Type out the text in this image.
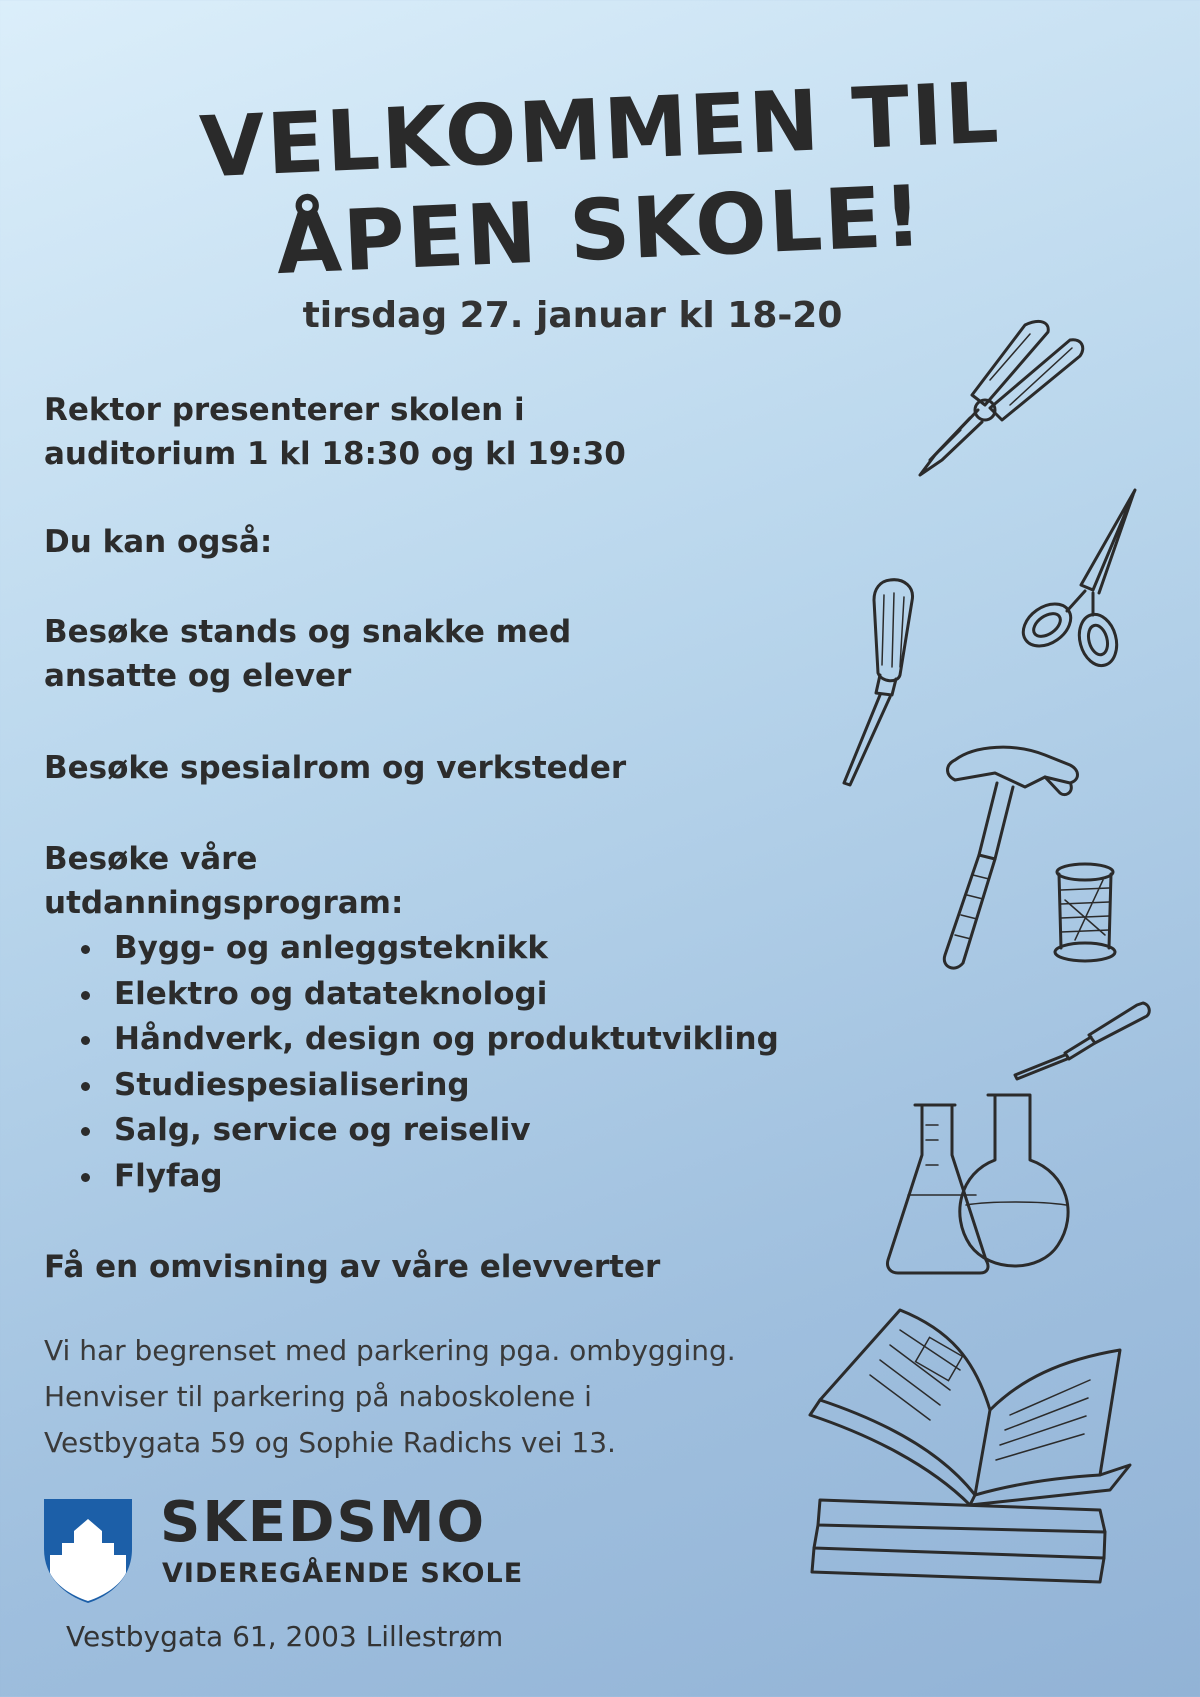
VELKOMMEN TIL
ÅPEN SKOLE!
tirsdag 27. januar kl 18-20
Rektor presenterer skolen i
auditorium 1 kl 18:30 og kl 19:30
Du kan også:
Besøke stands og snakke med
ansatte og elever
Besøke spesialrom og verksteder
Besøke våre
utdanningsprogram:
• Bygg- og anleggsteknikk
• Elektro og datateknologi
• Håndverk, design og produktutvikling
• Studiespesialisering
• Salg, service og reiseliv
• Flyfag
Få en omvisning av våre elevverter
Vi har begrenset med parkering pga. ombygging.
Henviser til parkering på naboskolene i
Vestbygata 59 og Sophie Radichs vei 13.
SKEDSMO
VIDEREGÅENDE SKOLE
Vestbygata 61, 2003 Lillestrøm
